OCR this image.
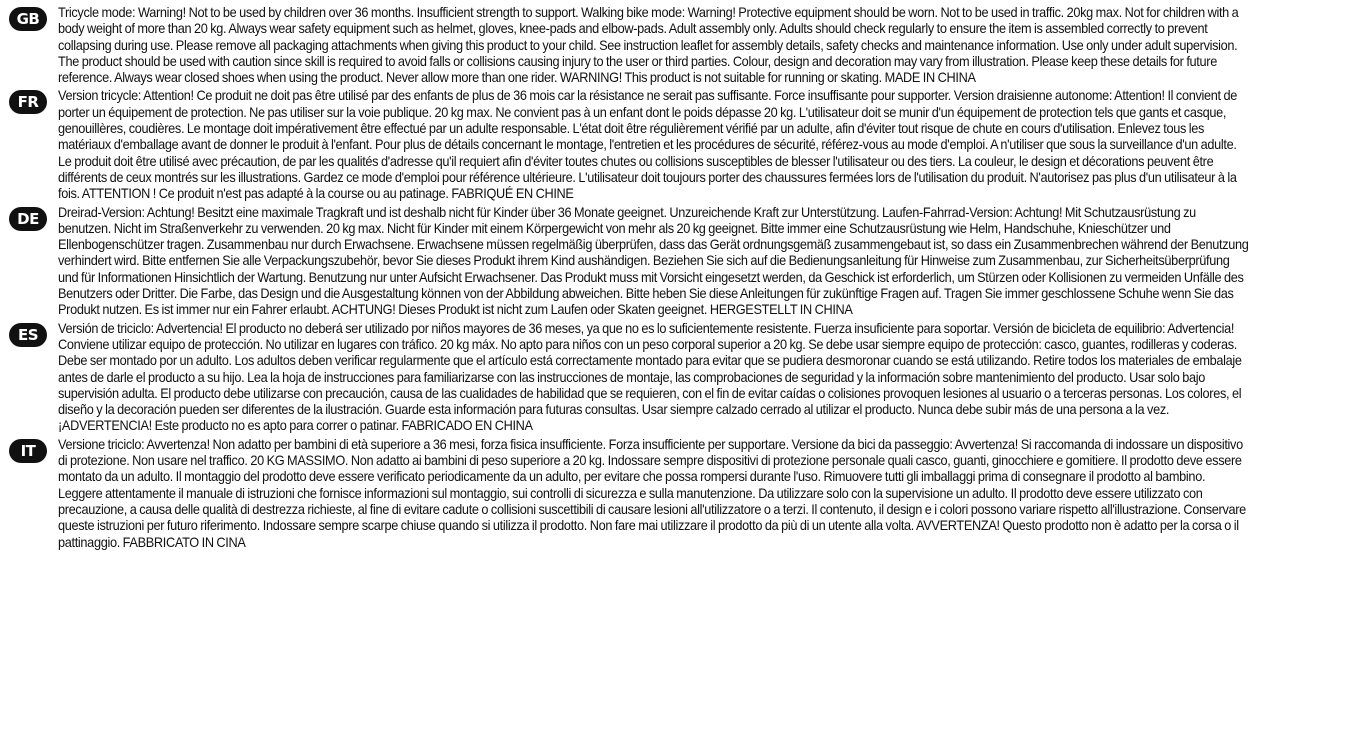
GB	Tricycle mode: Warning! Not to be used by children over 36 months. Insufficient strength to support. Walking bike mode: Warning! Protective equipment should be worn. Not to be used in traffic. 20kg max. Not for children with a body weight of more than 20 kg. Always wear safety equipment such as helmet, gloves, knee-pads and elbow-pads. Adult assembly only. Adults should check regularly to ensure the item is assembled correctly to prevent collapsing during use. Please remove all packaging attachments when giving this product to your child. See instruction leaflet for assembly details, safety checks and maintenance information. Use only under adult supervision. The product should be used with caution since skill is required to avoid falls or collisions causing injury to the user or third parties. Colour, design and decoration may vary from illustration. Please keep these details for future reference. Always wear closed shoes when using the product. Never allow more than one rider. WARNING! This product is not suitable for running or skating. MADE IN CHINA
FR	Version tricycle: Attention! Ce produit ne doit pas être utilisé par des enfants de plus de 36 mois car la résistance ne serait pas suffisante. Force insuffisante pour supporter. Version draisienne autonome: Attention! Il convient de porter un équipement de protection. Ne pas utiliser sur la voie publique. 20 kg max. Ne convient pas à un enfant dont le poids dépasse 20 kg. L'utilisateur doit se munir d'un équipement de protection tels que gants et casque, genouillères, coudières. Le montage doit impérativement être effectué par un adulte responsable. L'état doit être régulièrement vérifié par un adulte, afin d'éviter tout risque de chute en cours d'utilisation. Enlevez tous les matériaux d'emballage avant de donner le produit à l'enfant. Pour plus de détails concernant le montage, l'entretien et les procédures de sécurité, référez-vous au mode d'emploi. A n'utiliser que sous la surveillance d'un adulte. Le produit doit être utilisé avec précaution, de par les qualités d'adresse qu'il requiert afin d'éviter toutes chutes ou collisions susceptibles de blesser l'utilisateur ou des tiers. La couleur, le design et décorations peuvent être différents de ceux montrés sur les illustrations. Gardez ce mode d'emploi pour référence ultérieure. L'utilisateur doit toujours porter des chaussures fermées lors de l'utilisation du produit. N'autorisez pas plus d'un utilisateur à la fois. ATTENTION ! Ce produit n'est pas adapté à la course ou au patinage. FABRIQUÉ EN CHINE
DE	Dreirad-Version: Achtung! Besitzt eine maximale Tragkraft und ist deshalb nicht für Kinder über 36 Monate geeignet. Unzureichende Kraft zur Unterstützung. Laufen-Fahrrad-Version: Achtung! Mit Schutzausrüstung zu benutzen. Nicht im Straßenverkehr zu verwenden. 20 kg max. Nicht für Kinder mit einem Körpergewicht von mehr als 20 kg geeignet. Bitte immer eine Schutzausrüstung wie Helm, Handschuhe, Knieschützer und Ellenbogenschützer tragen. Zusammenbau nur durch Erwachsene. Erwachsene müssen regelmäßig überprüfen, dass das Gerät ordnungsgemäß zusammengebaut ist, so dass ein Zusammenbrechen während der Benutzung verhindert wird. Bitte entfernen Sie alle Verpackungszubehör, bevor Sie dieses Produkt ihrem Kind aushändigen. Beziehen Sie sich auf die Bedienungsanleitung für Hinweise zum Zusammenbau, zur Sicherheitsüberprüfung und für Informationen Hinsichtlich der Wartung. Benutzung nur unter Aufsicht Erwachsener. Das Produkt muss mit Vorsicht eingesetzt werden, da Geschick ist erforderlich, um Stürzen oder Kollisionen zu vermeiden Unfälle des Benutzers oder Dritter. Die Farbe, das Design und die Ausgestaltung können von der Abbildung abweichen. Bitte heben Sie diese Anleitungen für zukünftige Fragen auf. Tragen Sie immer geschlossene Schuhe wenn Sie das Produkt nutzen. Es ist immer nur ein Fahrer erlaubt. ACHTUNG! Dieses Produkt ist nicht zum Laufen oder Skaten geeignet. HERGESTELLT IN CHINA
ES	Versión de triciclo: Advertencia! El producto no deberá ser utilizado por niños mayores de 36 meses, ya que no es lo suficientemente resistente. Fuerza insuficiente para soportar. Versión de bicicleta de equilibrio: Advertencia! Conviene utilizar equipo de protección. No utilizar en lugares con tráfico. 20 kg máx. No apto para niños con un peso corporal superior a 20 kg. Se debe usar siempre equipo de protección: casco, guantes, rodilleras y coderas. Debe ser montado por un adulto. Los adultos deben verificar regularmente que el artículo está correctamente montado para evitar que se pudiera desmoronar cuando se está utilizando. Retire todos los materiales de embalaje antes de darle el producto a su hijo. Lea la hoja de instrucciones para familiarizarse con las instrucciones de montaje, las comprobaciones de seguridad y la información sobre mantenimiento del producto. Usar solo bajo supervisión adulta. El producto debe utilizarse con precaución, causa de las cualidades de habilidad que se requieren, con el fin de evitar caídas o colisiones provoquen lesiones al usuario o a terceras personas. Los colores, el diseño y la decoración pueden ser diferentes de la ilustración. Guarde esta información para futuras consultas. Usar siempre calzado cerrado al utilizar el producto. Nunca debe subir más de una persona a la vez. ¡ADVERTENCIA! Este producto no es apto para correr o patinar. FABRICADO EN CHINA
IT	Versione triciclo: Avvertenza! Non adatto per bambini di età superiore a 36 mesi, forza fisica insufficiente. Forza insufficiente per supportare. Versione da bici da passeggio: Avvertenza! Si raccomanda di indossare un dispositivo di protezione. Non usare nel traffico. 20 KG MASSIMO. Non adatto ai bambini di peso superiore a 20 kg. Indossare sempre dispositivi di protezione personale quali casco, guanti, ginocchiere e gomitiere. Il prodotto deve essere montato da un adulto. Il montaggio del prodotto deve essere verificato periodicamente da un adulto, per evitare che possa rompersi durante l'uso. Rimuovere tutti gli imballaggi prima di consegnare il prodotto al bambino. Leggere attentamente il manuale di istruzioni che fornisce informazioni sul montaggio, sui controlli di sicurezza e sulla manutenzione. Da utilizzare solo con la supervisione un adulto. Il prodotto deve essere utilizzato con precauzione, a causa delle qualità di destrezza richieste, al fine di evitare cadute o collisioni suscettibili di causare lesioni all'utilizzatore o a terzi. Il contenuto, il design e i colori possono variare rispetto all'illustrazione. Conservare queste istruzioni per futuro riferimento. Indossare sempre scarpe chiuse quando si utilizza il prodotto. Non fare mai utilizzare il prodotto da più di un utente alla volta. AVVERTENZA! Questo prodotto non è adatto per la corsa o il pattinaggio. FABBRICATO IN CINA
